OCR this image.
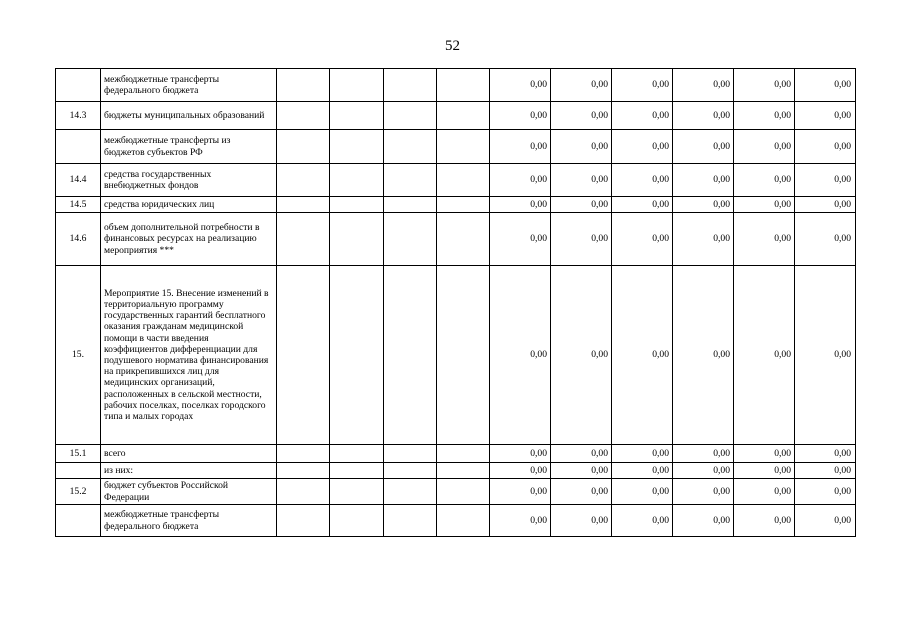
52
	межбюджетные трансферты федерального бюджета					0,00	0,00	0,00	0,00	0,00	0,00
14.3	бюджеты муниципальных образований					0,00	0,00	0,00	0,00	0,00	0,00
	межбюджетные трансферты из бюджетов субъектов РФ					0,00	0,00	0,00	0,00	0,00	0,00
14.4	средства государственных внебюджетных фондов					0,00	0,00	0,00	0,00	0,00	0,00
14.5	средства юридических лиц					0,00	0,00	0,00	0,00	0,00	0,00
14.6	объем дополнительной потребности в финансовых ресурсах на реализацию мероприятия ***					0,00	0,00	0,00	0,00	0,00	0,00
15.	Мероприятие 15. Внесение изменений в территориальную программу государственных гарантий бесплатного оказания гражданам медицинской помощи в части введения коэффициентов дифференциации для подушевого норматива финансирования на прикрепившихся лиц для медицинских организаций, расположенных в сельской местности, рабочих поселках, поселках городского типа и малых городах					0,00	0,00	0,00	0,00	0,00	0,00
15.1	всего					0,00	0,00	0,00	0,00	0,00	0,00
	из них:					0,00	0,00	0,00	0,00	0,00	0,00
15.2	бюджет субъектов Российской Федерации					0,00	0,00	0,00	0,00	0,00	0,00
	межбюджетные трансферты федерального бюджета					0,00	0,00	0,00	0,00	0,00	0,00
